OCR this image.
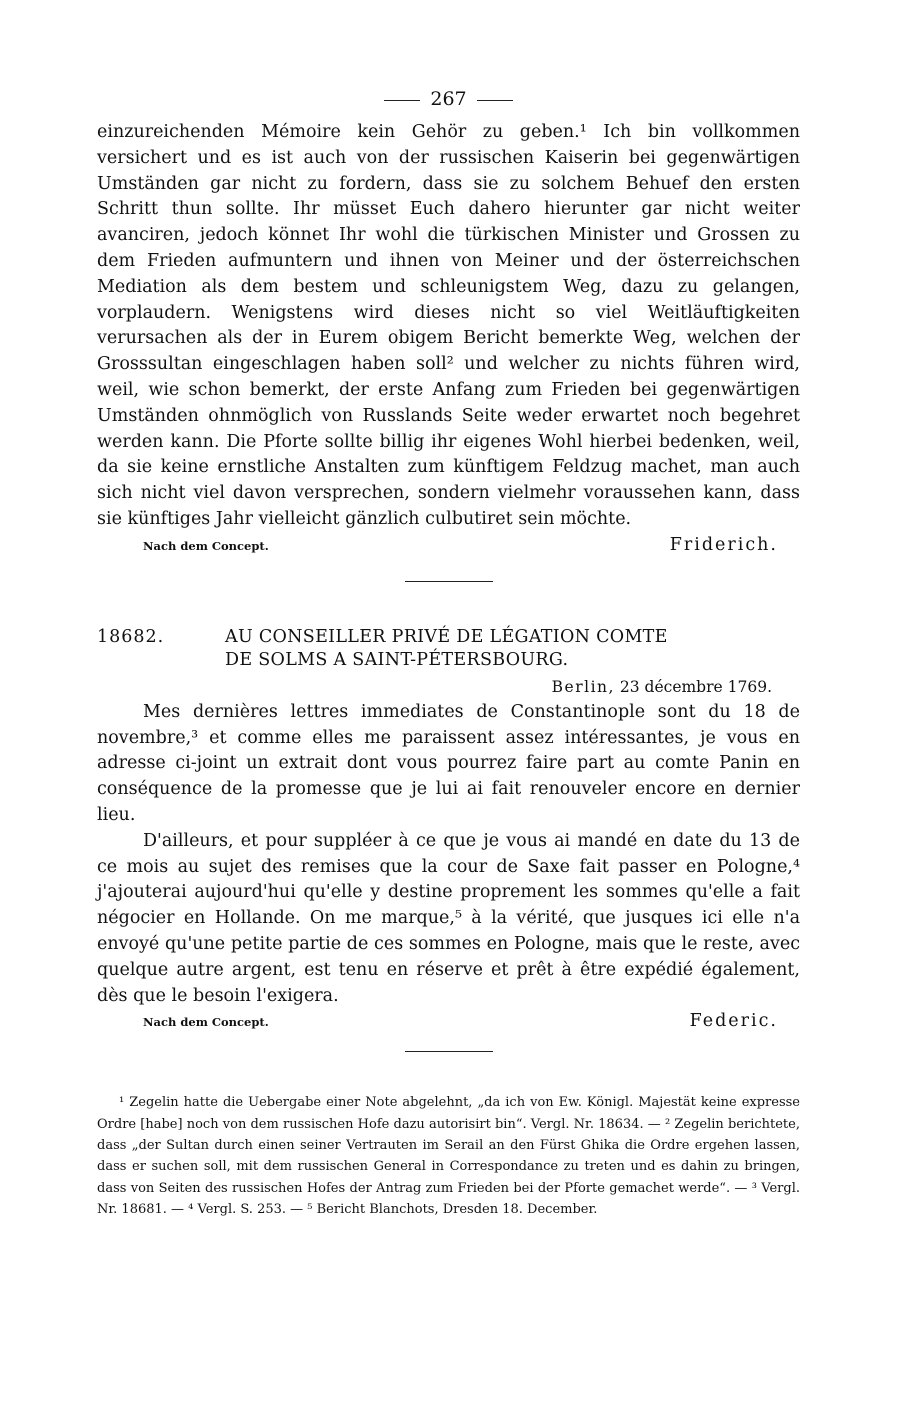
267

einzureichenden Mémoire kein Gehör zu geben.¹ Ich bin vollkommen versichert und es ist auch von der russischen Kaiserin bei gegenwärtigen Umständen gar nicht zu fordern, dass sie zu solchem Behuef den ersten Schritt thun sollte. Ihr müsset Euch dahero hierunter gar nicht weiter avanciren, jedoch könnet Ihr wohl die türkischen Minister und Grossen zu dem Frieden aufmuntern und ihnen von Meiner und der österreichschen Mediation als dem bestem und schleunigstem Weg, dazu zu gelangen, vorplaudern. Wenigstens wird dieses nicht so viel Weitläuftigkeiten verursachen als der in Eurem obigem Bericht bemerkte Weg, welchen der Grosssultan eingeschlagen haben soll² und welcher zu nichts führen wird, weil, wie schon bemerkt, der erste Anfang zum Frieden bei gegenwärtigen Umständen ohnmöglich von Russlands Seite weder erwartet noch begehret werden kann. Die Pforte sollte billig ihr eigenes Wohl hierbei bedenken, weil, da sie keine ernstliche Anstalten zum künftigem Feldzug machet, man auch sich nicht viel davon versprechen, sondern vielmehr voraussehen kann, dass sie künftiges Jahr vielleicht gänzlich culbutiret sein möchte.

Nach dem Concept.	Friderich.
18682.	AU CONSEILLER PRIVÉ DE LÉGATION COMTE
DE SOLMS A SAINT-PÉTERSBOURG.
Berlin, 23 décembre 1769.

Mes dernières lettres immediates de Constantinople sont du 18 de novembre,³ et comme elles me paraissent assez intéressantes, je vous en adresse ci-joint un extrait dont vous pourrez faire part au comte Panin en conséquence de la promesse que je lui ai fait renouveler encore en dernier lieu.

D'ailleurs, et pour suppléer à ce que je vous ai mandé en date du 13 de ce mois au sujet des remises que la cour de Saxe fait passer en Pologne,⁴ j'ajouterai aujourd'hui qu'elle y destine proprement les sommes qu'elle a fait négocier en Hollande. On me marque,⁵ à la vérité, que jusques ici elle n'a envoyé qu'une petite partie de ces sommes en Pologne, mais que le reste, avec quelque autre argent, est tenu en réserve et prêt à être expédié également, dès que le besoin l'exigera.

Nach dem Concept.	Federic.

¹ Zegelin hatte die Uebergabe einer Note abgelehnt, „da ich von Ew. Königl. Majestät keine expresse Ordre [habe] noch von dem russischen Hofe dazu autorisirt bin“. Vergl. Nr. 18634. — ² Zegelin berichtete, dass „der Sultan durch einen seiner Vertrauten im Serail an den Fürst Ghika die Ordre ergehen lassen, dass er suchen soll, mit dem russischen General in Correspondance zu treten und es dahin zu bringen, dass von Seiten des russischen Hofes der Antrag zum Frieden bei der Pforte gemachet werde“. — ³ Vergl. Nr. 18681. — ⁴ Vergl. S. 253. — ⁵ Bericht Blanchots, Dresden 18. December.
